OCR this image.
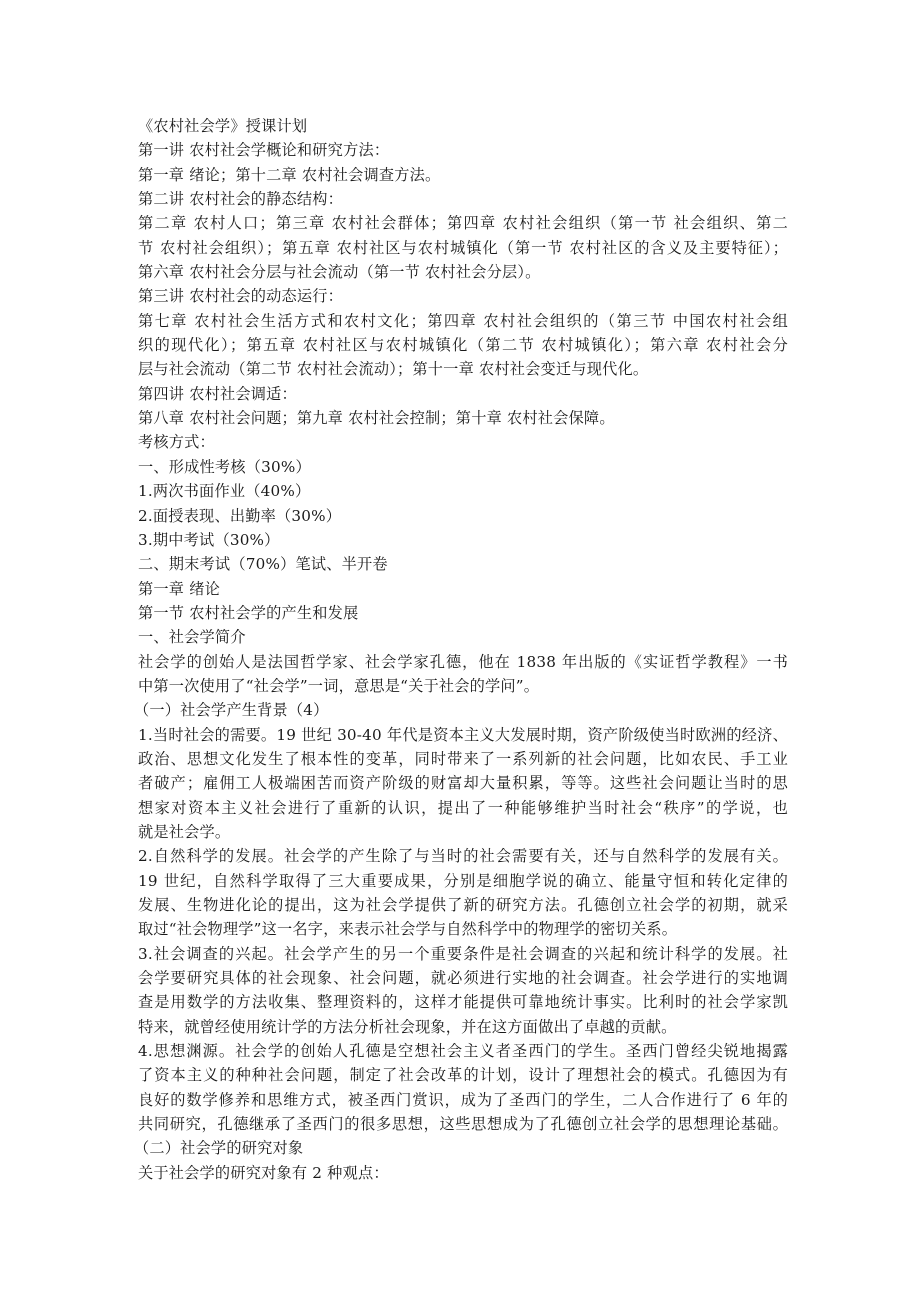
《农村社会学》授课计划
第一讲 农村社会学概论和研究方法：
第一章 绪论；第十二章 农村社会调查方法。
第二讲 农村社会的静态结构：
第二章 农村人口；第三章 农村社会群体；第四章 农村社会组织（第一节 社会组织、第二
节 农村社会组织）；第五章 农村社区与农村城镇化（第一节 农村社区的含义及主要特征）；
第六章 农村社会分层与社会流动（第一节 农村社会分层）。
第三讲 农村社会的动态运行：
第七章 农村社会生活方式和农村文化；第四章 农村社会组织的（第三节 中国农村社会组
织的现代化）；第五章 农村社区与农村城镇化（第二节 农村城镇化）；第六章 农村社会分
层与社会流动（第二节 农村社会流动）；第十一章 农村社会变迁与现代化。
第四讲 农村社会调适：
第八章 农村社会问题；第九章 农村社会控制；第十章 农村社会保障。
考核方式：
一、形成性考核（30%）
1.两次书面作业（40%）
2.面授表现、出勤率（30%）
3.期中考试（30%）
二、期末考试（70%）笔试、半开卷
第一章 绪论
第一节 农村社会学的产生和发展
一、社会学简介
社会学的创始人是法国哲学家、社会学家孔德，他在 1838 年出版的《实证哲学教程》一书
中第一次使用了“社会学”一词，意思是“关于社会的学问”。
（一）社会学产生背景（4）
1.当时社会的需要。19 世纪 30-40 年代是资本主义大发展时期，资产阶级使当时欧洲的经济、
政治、思想文化发生了根本性的变革，同时带来了一系列新的社会问题，比如农民、手工业
者破产；雇佣工人极端困苦而资产阶级的财富却大量积累，等等。这些社会问题让当时的思
想家对资本主义社会进行了重新的认识，提出了一种能够维护当时社会“秩序”的学说，也
就是社会学。
2.自然科学的发展。社会学的产生除了与当时的社会需要有关，还与自然科学的发展有关。
19 世纪，自然科学取得了三大重要成果，分别是细胞学说的确立、能量守恒和转化定律的
发展、生物进化论的提出，这为社会学提供了新的研究方法。孔德创立社会学的初期，就采
取过“社会物理学”这一名字，来表示社会学与自然科学中的物理学的密切关系。
3.社会调查的兴起。社会学产生的另一个重要条件是社会调查的兴起和统计科学的发展。社
会学要研究具体的社会现象、社会问题，就必须进行实地的社会调查。社会学进行的实地调
查是用数学的方法收集、整理资料的，这样才能提供可靠地统计事实。比利时的社会学家凯
特来，就曾经使用统计学的方法分析社会现象，并在这方面做出了卓越的贡献。
4.思想渊源。社会学的创始人孔德是空想社会主义者圣西门的学生。圣西门曾经尖锐地揭露
了资本主义的种种社会问题，制定了社会改革的计划，设计了理想社会的模式。孔德因为有
良好的数学修养和思维方式，被圣西门赏识，成为了圣西门的学生，二人合作进行了 6 年的
共同研究，孔德继承了圣西门的很多思想，这些思想成为了孔德创立社会学的思想理论基础。
（二）社会学的研究对象
关于社会学的研究对象有 2 种观点：
